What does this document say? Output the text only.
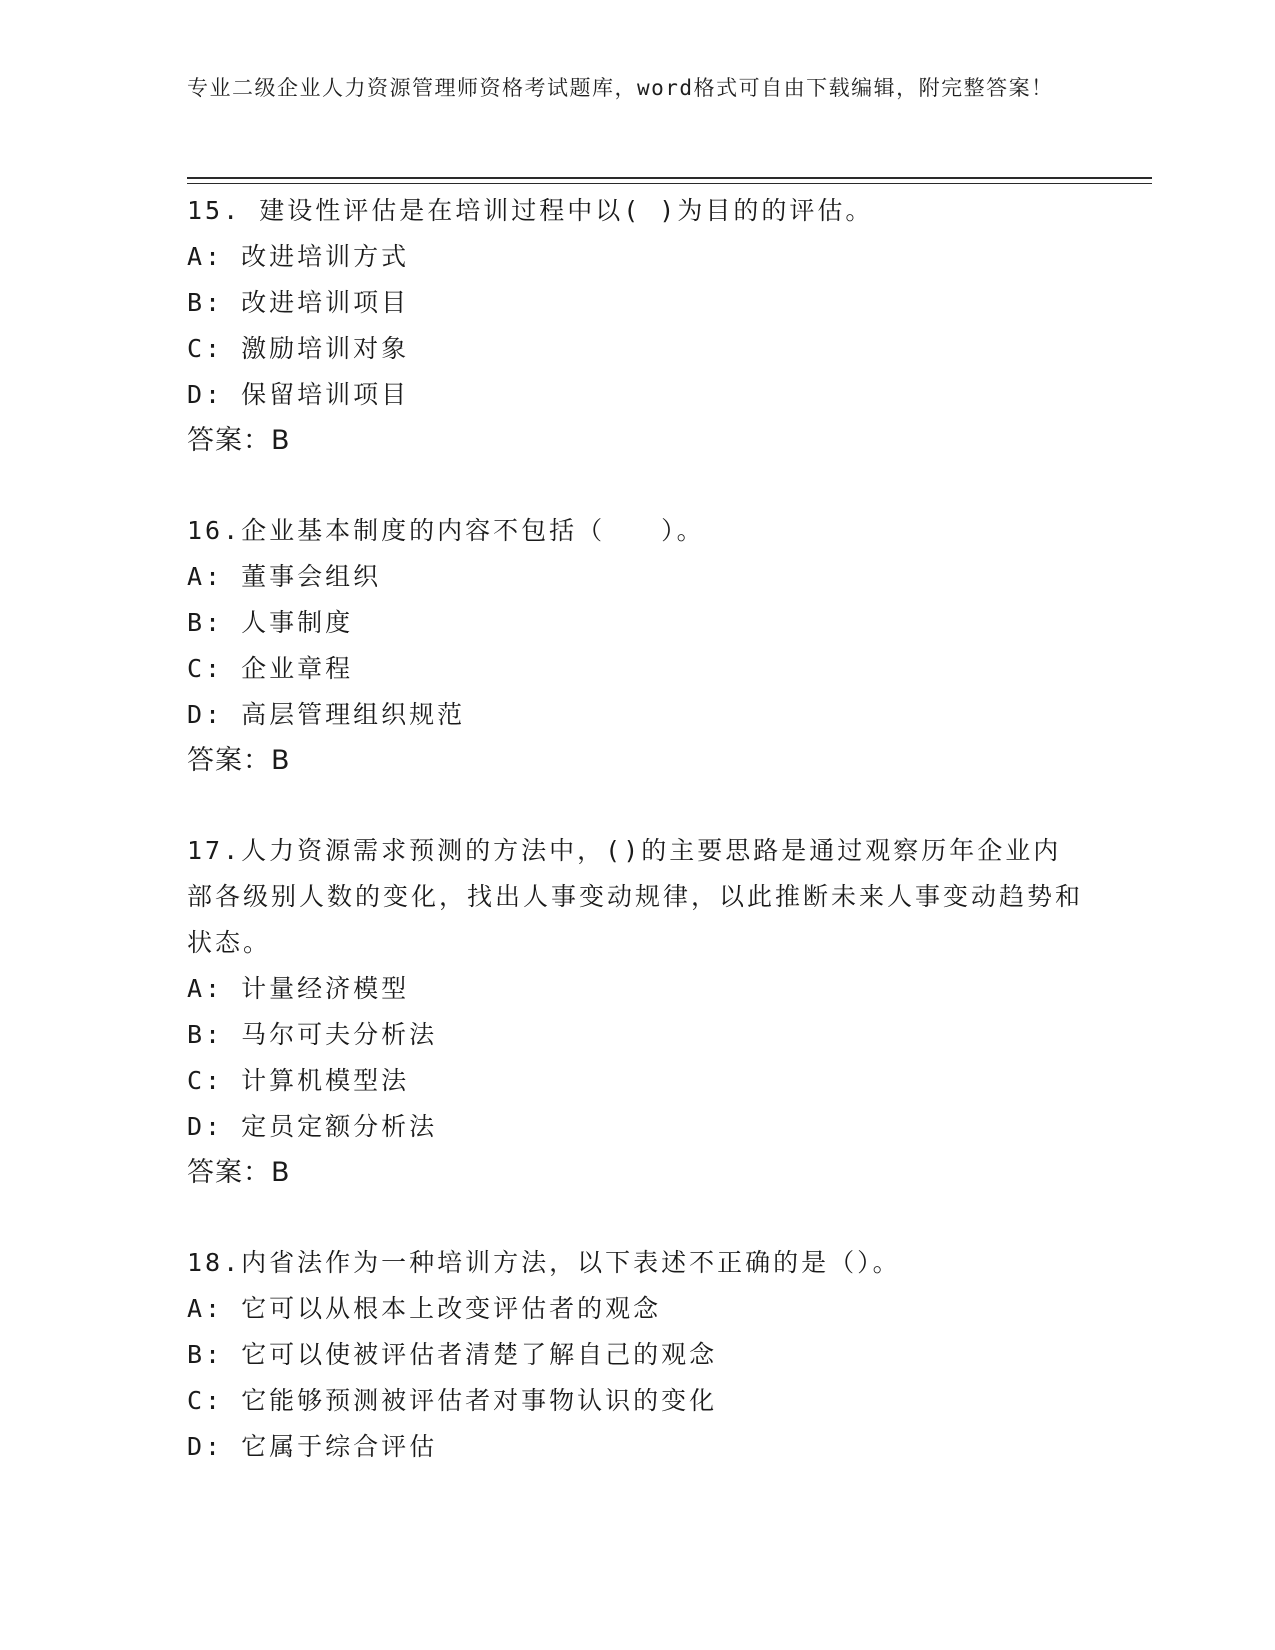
专业二级企业人力资源管理师资格考试题库，word格式可自由下载编辑，附完整答案！

15. 建设性评估是在培训过程中以( )为目的的评估。

A: 改进培训方式

B: 改进培训项目

C: 激励培训对象

D: 保留培训项目

答案：B

16.企业基本制度的内容不包括（　　）。

A: 董事会组织

B: 人事制度

C: 企业章程

D: 高层管理组织规范

答案：B

17.人力资源需求预测的方法中，()的主要思路是通过观察历年企业内部各级别人数的变化，找出人事变动规律，以此推断未来人事变动趋势和状态。

A: 计量经济模型

B: 马尔可夫分析法

C: 计算机模型法

D: 定员定额分析法

答案：B

18.内省法作为一种培训方法，以下表述不正确的是（）。

A: 它可以从根本上改变评估者的观念

B: 它可以使被评估者清楚了解自己的观念

C: 它能够预测被评估者对事物认识的变化

D: 它属于综合评估
